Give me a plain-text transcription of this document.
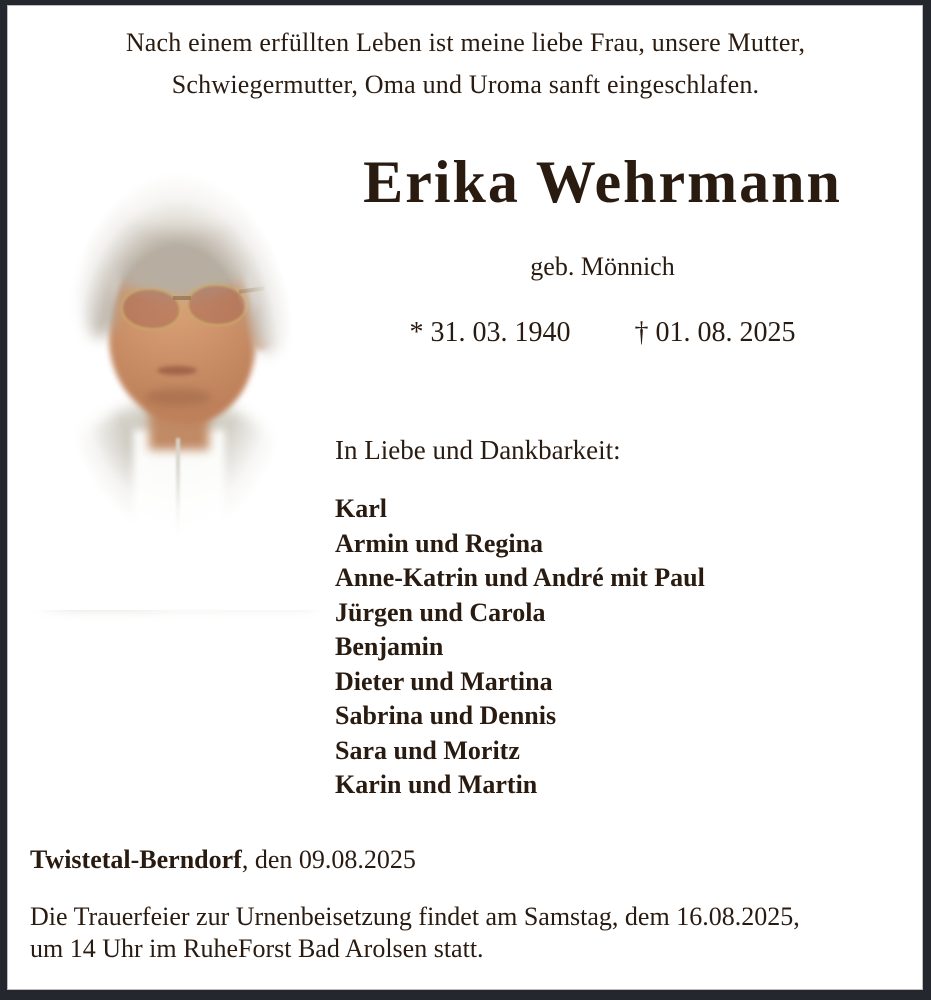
Nach einem erfüllten Leben ist meine liebe Frau, unsere Mutter,
Schwiegermutter, Oma und Uroma sanft eingeschlafen.
Erika Wehrmann
geb. Mönnich
* 31. 03. 1940 † 01. 08. 2025
In Liebe und Dankbarkeit:
Karl
Armin und Regina
Anne-Katrin und André mit Paul
Jürgen und Carola
Benjamin
Dieter und Martina
Sabrina und Dennis
Sara und Moritz
Karin und Martin
Twistetal-Berndorf, den 09.08.2025
Die Trauerfeier zur Urnenbeisetzung findet am Samstag, dem 16.08.2025, um 14 Uhr im RuheForst Bad Arolsen statt.
